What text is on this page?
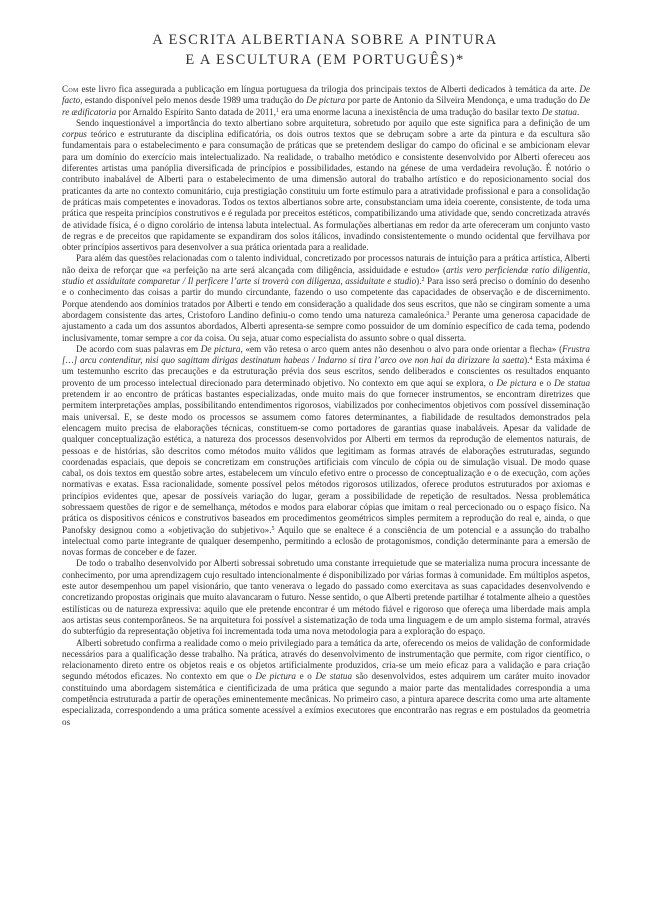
A ESCRITA ALBERTIANA SOBRE A PINTURA
E A ESCULTURA (EM PORTUGUÊS)*

Com este livro fica assegurada a publicação em língua portuguesa da trilogia dos principais textos de Alberti dedicados à temática da arte. De facto, estando disponível pelo menos desde 1989 uma tradução do De pictura por parte de Antonio da Silveira Mendonça, e uma tradução do De re ædificatoria por Arnaldo Espírito Santo datada de 2011,$^1$ era uma enorme lacuna a inexistência de uma tradução do basilar texto De statua.

Sendo inquestionável a importância do texto albertiano sobre arquitetura, sobretudo por aquilo que este significa para a definição de um corpus teórico e estruturante da disciplina edificatória, os dois outros textos que se debruçam sobre a arte da pintura e da escultura são fundamentais para o estabelecimento e para consumação de práticas que se pretendem desligar do campo do oficinal e se ambicionam elevar para um domínio do exercício mais intelectualizado. Na realidade, o trabalho metódico e consistente desenvolvido por Alberti ofereceu aos diferentes artistas uma panóplia diversificada de princípios e possibilidades, estando na génese de uma verdadeira revolução. É notório o contributo inabalável de Alberti para o estabelecimento de uma dimensão autoral do trabalho artístico e do reposicionamento social dos praticantes da arte no contexto comunitário, cuja prestigiação constituiu um forte estímulo para a atratividade profissional e para a consolidação de práticas mais competentes e inovadoras. Todos os textos albertianos sobre arte, consubstanciam uma ideia coerente, consistente, de toda uma prática que respeita princípios construtivos e é regulada por preceitos estéticos, compatibilizando uma atividade que, sendo concretizada através de atividade física, é o digno corolário de intensa labuta intelectual. As formulações albertianas em redor da arte ofereceram um conjunto vasto de regras e de preceitos que rapidamente se expandiram dos solos itálicos, invadindo consistentemente o mundo ocidental que fervilhava por obter princípios assertivos para desenvolver a sua prática orientada para a realidade.

Para além das questões relacionadas com o talento individual, concretizado por processos naturais de intuição para a prática artística, Alberti não deixa de reforçar que «a perfeição na arte será alcançada com diligência, assiduidade e estudo» (artis vero perficiendæ ratio diligentia, studio et assiduitate comparetur / Il perficere l’arte si troverà con diligenza, assiduitate e studio).$^2$ Para isso será preciso o domínio do desenho e o conhecimento das coisas a partir do mundo circundante, fazendo o uso competente das capacidades de observação e de discernimento. Porque atendendo aos domínios tratados por Alberti e tendo em consideração a qualidade dos seus escritos, que não se cingiram somente a uma abordagem consistente das artes, Cristoforo Landino definiu-o como tendo uma natureza camaleónica.$^3$ Perante uma generosa capacidade de ajustamento a cada um dos assuntos abordados, Alberti apresenta-se sempre como possuidor de um domínio específico de cada tema, podendo inclusivamente, tomar sempre a cor da coisa. Ou seja, atuar como especialista do assunto sobre o qual disserta.

De acordo com suas palavras em De pictura, «em vão retesa o arco quem antes não desenhou o alvo para onde orientar a flecha» (Frustra […] arcu contenditur, nisi quo sagittam dirigas destinatum habeas / Indarno si tira l’arco ove non hai da dirizzare la saetta).$^4$ Esta máxima é um testemunho escrito das precauções e da estruturação prévia dos seus escritos, sendo deliberados e conscientes os resultados enquanto provento de um processo intelectual direcionado para determinado objetivo. No contexto em que aqui se explora, o De pictura e o De statua pretendem ir ao encontro de práticas bastantes especializadas, onde muito mais do que fornecer instrumentos, se encontram diretrizes que permitem interpretações amplas, possibilitando entendimentos rigorosos, viabilizados por conhecimentos objetivos com possível disseminação mais universal. E, se deste modo os processos se assumem como fatores determinantes, a fiabilidade de resultados demonstrados pela elencagem muito precisa de elaborações técnicas, constituem-se como portadores de garantias quase inabaláveis. Apesar da validade de qualquer conceptualização estética, a natureza dos processos desenvolvidos por Alberti em termos da reprodução de elementos naturais, de pessoas e de histórias, são descritos como métodos muito válidos que legitimam as formas através de elaborações estruturadas, segundo coordenadas espaciais, que depois se concretizam em construções artificiais com vínculo de cópia ou de simulação visual. De modo quase cabal, os dois textos em questão sobre artes, estabelecem um vínculo efetivo entre o processo de conceptualização e o de execução, com ações normativas e exatas. Essa racionalidade, somente possível pelos métodos rigorosos utilizados, oferece produtos estruturados por axiomas e princípios evidentes que, apesar de possíveis variação do lugar, geram a possibilidade de repetição de resultados. Nessa problemática sobressaem questões de rigor e de semelhança, métodos e modos para elaborar cópias que imitam o real percecionado ou o espaço físico. Na prática os dispositivos cénicos e construtivos baseados em procedimentos geométricos simples permitem a reprodução do real e, ainda, o que Panofsky designou como a «objetivação do subjetivo».$^5$ Aquilo que se enaltece é a consciência de um potencial e a assunção do trabalho intelectual como parte integrante de qualquer desempenho, permitindo a eclosão de protagonismos, condição determinante para a emersão de novas formas de conceber e de fazer.

De todo o trabalho desenvolvido por Alberti sobressai sobretudo uma constante irrequietude que se materializa numa procura incessante de conhecimento, por uma aprendizagem cujo resultado intencionalmente é disponibilizado por várias formas à comunidade. Em múltiplos aspetos, este autor desempenhou um papel visionário, que tanto venerava o legado do passado como exercitava as suas capacidades desenvolvendo e concretizando propostas originais que muito alavancaram o futuro. Nesse sentido, o que Alberti pretende partilhar é totalmente alheio a questões estilísticas ou de natureza expressiva: aquilo que ele pretende encontrar é um método fiável e rigoroso que ofereça uma liberdade mais ampla aos artistas seus contemporâneos. Se na arquitetura foi possível a sistematização de toda uma linguagem e de um amplo sistema formal, através do subterfúgio da representação objetiva foi incrementada toda uma nova metodologia para a exploração do espaço.

Alberti sobretudo confirma a realidade como o meio privilegiado para a temática da arte, oferecendo os meios de validação de conformidade necessários para a qualificação desse trabalho. Na prática, através do desenvolvimento de instrumentação que permite, com rigor científico, o relacionamento direto entre os objetos reais e os objetos artificialmente produzidos, cria-se um meio eficaz para a validação e para criação segundo métodos eficazes. No contexto em que o De pictura e o De statua são desenvolvidos, estes adquirem um caráter muito inovador constituindo uma abordagem sistemática e cientificizada de uma prática que segundo a maior parte das mentalidades correspondia a uma competência estruturada a partir de operações eminentemente mecânicas. No primeiro caso, a pintura aparece descrita como uma arte altamente especializada, correspondendo a uma prática somente acessível a exímios executores que encontrarão nas regras e em postulados da geometria os
